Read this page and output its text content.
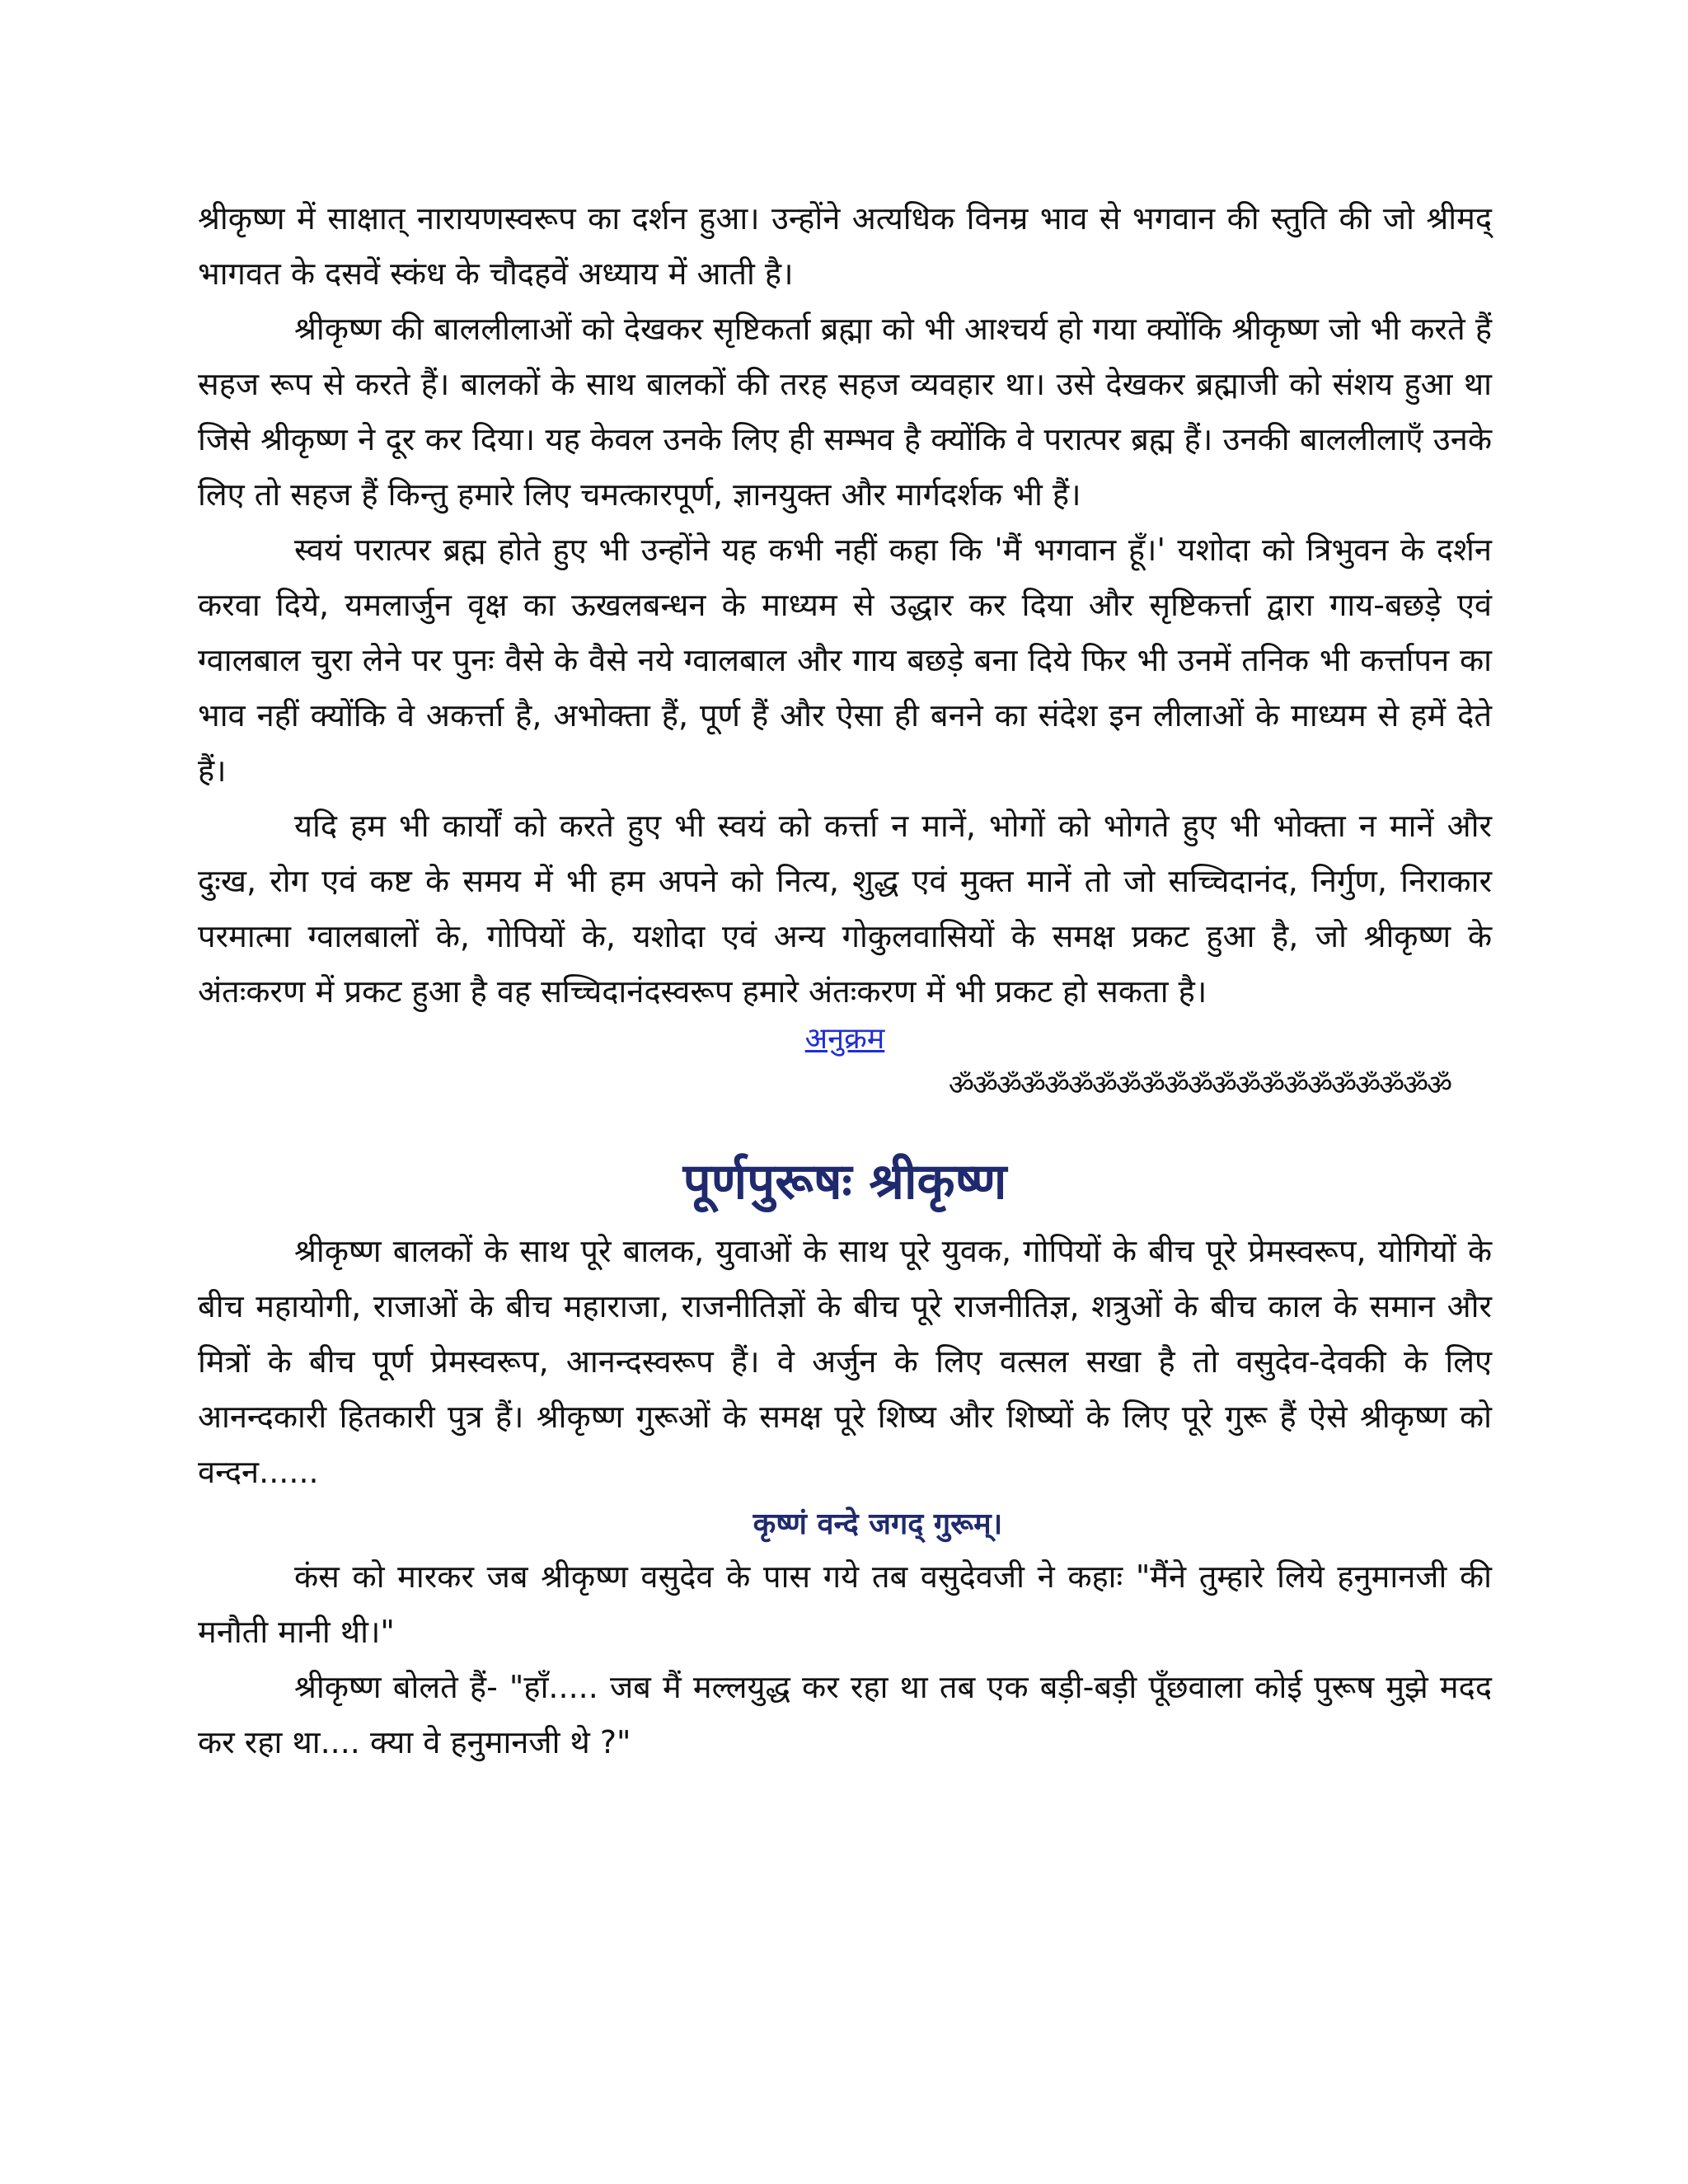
श्रीकृष्ण में साक्षात् नारायणस्वरूप का दर्शन हुआ। उन्होंने अत्यधिक विनम्र भाव से भगवान की स्तुति की जो श्रीमद् भागवत के दसवें स्कंध के चौदहवें अध्याय में आती है।

श्रीकृष्ण की बाललीलाओं को देखकर सृष्टिकर्ता ब्रह्मा को भी आश्चर्य हो गया क्योंकि श्रीकृष्ण जो भी करते हैं सहज रूप से करते हैं। बालकों के साथ बालकों की तरह सहज व्यवहार था। उसे देखकर ब्रह्माजी को संशय हुआ था जिसे श्रीकृष्ण ने दूर कर दिया। यह केवल उनके लिए ही सम्भव है क्योंकि वे परात्पर ब्रह्म हैं। उनकी बाललीलाएँ उनके लिए तो सहज हैं किन्तु हमारे लिए चमत्कारपूर्ण, ज्ञानयुक्त और मार्गदर्शक भी हैं।

स्वयं परात्पर ब्रह्म होते हुए भी उन्होंने यह कभी नहीं कहा कि 'मैं भगवान हूँ।' यशोदा को त्रिभुवन के दर्शन करवा दिये, यमलार्जुन वृक्ष का ऊखलबन्धन के माध्यम से उद्धार कर दिया और सृष्टिकर्त्ता द्वारा गाय-बछड़े एवं ग्वालबाल चुरा लेने पर पुनः वैसे के वैसे नये ग्वालबाल और गाय बछड़े बना दिये फिर भी उनमें तनिक भी कर्त्तापन का भाव नहीं क्योंकि वे अकर्त्ता है, अभोक्ता हैं, पूर्ण हैं और ऐसा ही बनने का संदेश इन लीलाओं के माध्यम से हमें देते हैं।

यदि हम भी कार्यों को करते हुए भी स्वयं को कर्त्ता न मानें, भोगों को भोगते हुए भी भोक्ता न मानें और दुःख, रोग एवं कष्ट के समय में भी हम अपने को नित्य, शुद्ध एवं मुक्त मानें तो जो सच्चिदानंद, निर्गुण, निराकार परमात्मा ग्वालबालों के, गोपियों के, यशोदा एवं अन्य गोकुलवासियों के समक्ष प्रकट हुआ है, जो श्रीकृष्ण के अंतःकरण में प्रकट हुआ है वह सच्चिदानंदस्वरूप हमारे अंतःकरण में भी प्रकट हो सकता है।

अनुक्रम
ॐॐॐॐॐॐॐॐॐॐॐॐॐॐॐॐॐॐॐॐॐ
पूर्णपुरूषः श्रीकृष्ण

श्रीकृष्ण बालकों के साथ पूरे बालक, युवाओं के साथ पूरे युवक, गोपियों के बीच पूरे प्रेमस्वरूप, योगियों के बीच महायोगी, राजाओं के बीच महाराजा, राजनीतिज्ञों के बीच पूरे राजनीतिज्ञ, शत्रुओं के बीच काल के समान और मित्रों के बीच पूर्ण प्रेमस्वरूप, आनन्दस्वरूप हैं। वे अर्जुन के लिए वत्सल सखा है तो वसुदेव-देवकी के लिए आनन्दकारी हितकारी पुत्र हैं। श्रीकृष्ण गुरूओं के समक्ष पूरे शिष्य और शिष्यों के लिए पूरे गुरू हैं ऐसे श्रीकृष्ण को वन्दन......

कृष्णं वन्दे जगद् गुरूम्।

कंस को मारकर जब श्रीकृष्ण वसुदेव के पास गये तब वसुदेवजी ने कहाः "मैंने तुम्हारे लिये हनुमानजी की मनौती मानी थी।"

श्रीकृष्ण बोलते हैं- "हाँ..... जब मैं मल्लयुद्ध कर रहा था तब एक बड़ी-बड़ी पूँछवाला कोई पुरूष मुझे मदद कर रहा था.... क्या वे हनुमानजी थे ?"
